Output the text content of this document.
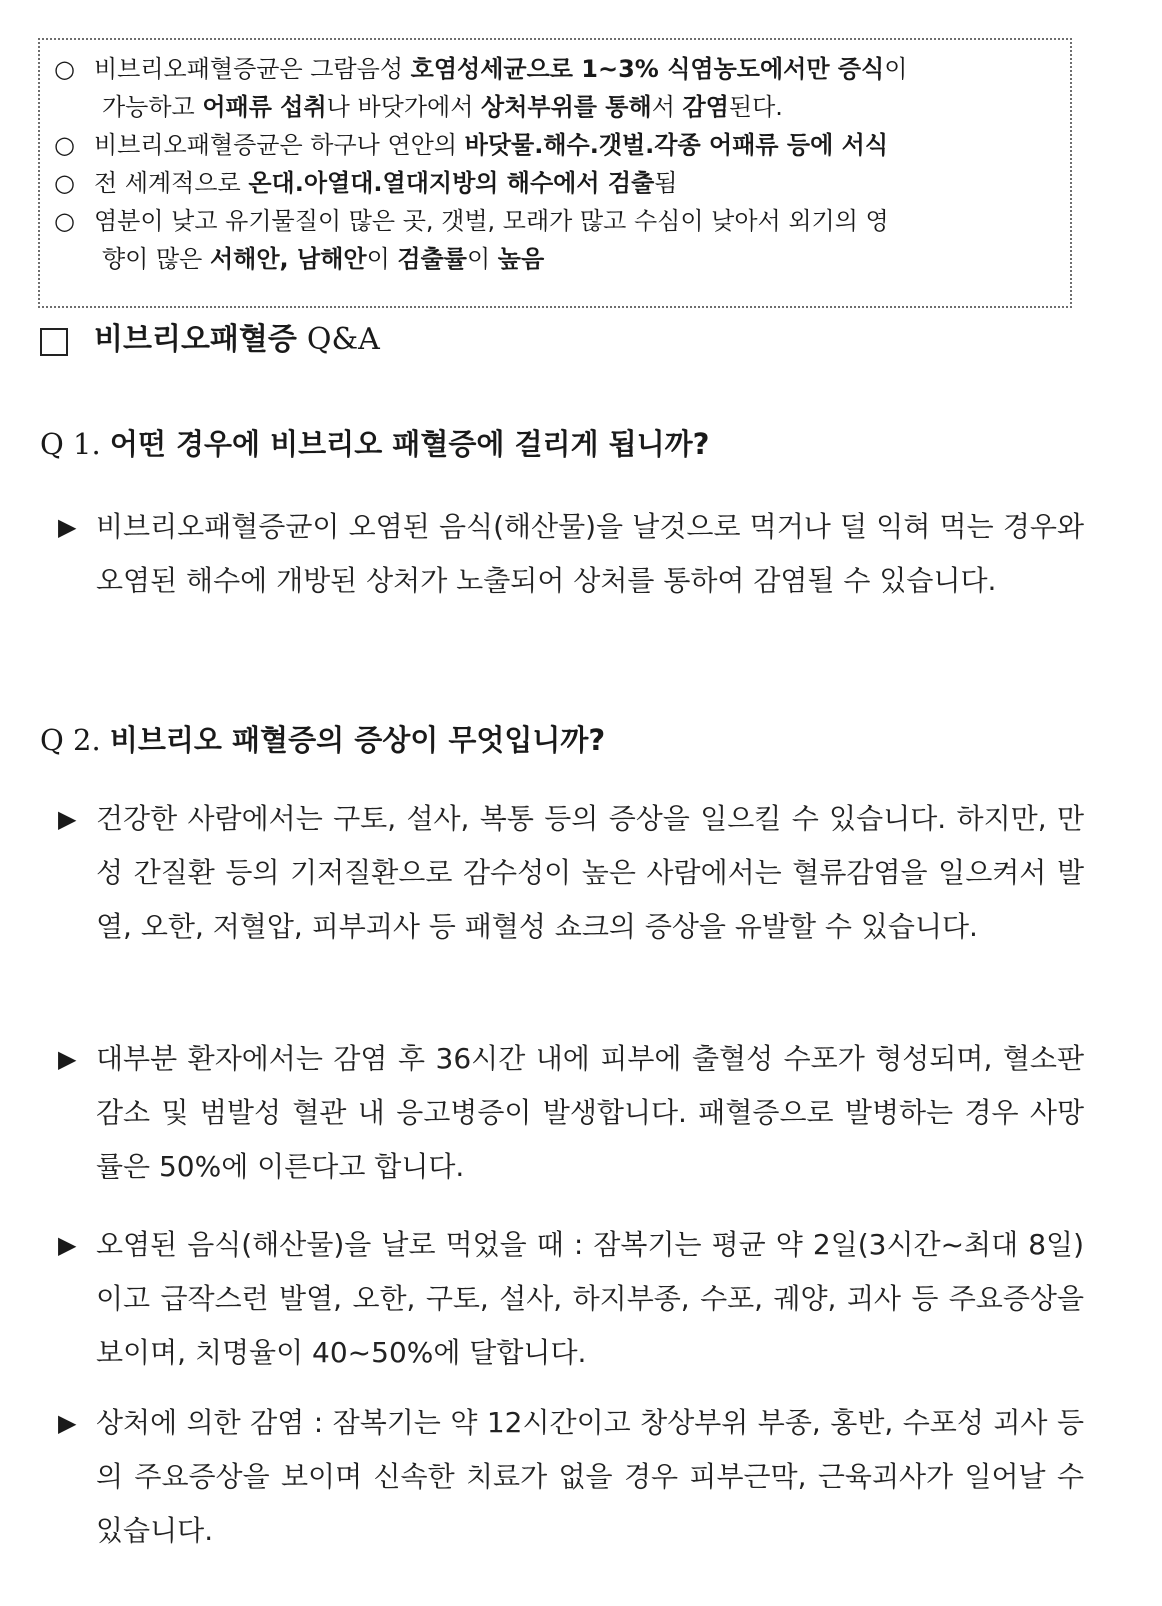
○ 비브리오패혈증균은 그람음성 호염성세균으로 1~3% 식염농도에서만 증식이
가능하고 어패류 섭취나 바닷가에서 상처부위를 통해서 감염된다.
○ 비브리오패혈증균은 하구나 연안의 바닷물.해수.갯벌.각종 어패류 등에 서식
○ 전 세계적으로 온대.아열대.열대지방의 해수에서 검출됨
○ 염분이 낮고 유기물질이 많은 곳, 갯벌, 모래가 많고 수심이 낮아서 외기의 영
향이 많은 서해안, 남해안이 검출률이 높음
비브리오패혈증 Q&A
Q 1. 어떤 경우에 비브리오 패혈증에 걸리게 됩니까?
▶ 비브리오패혈증균이 오염된 음식(해산물)을 날것으로 먹거나 덜 익혀 먹는 경우와 오염된 해수에 개방된 상처가 노출되어 상처를 통하여 감염될 수 있습니다.
Q 2. 비브리오 패혈증의 증상이 무엇입니까?
▶ 건강한 사람에서는 구토, 설사, 복통 등의 증상을 일으킬 수 있습니다. 하지만, 만성 간질환 등의 기저질환으로 감수성이 높은 사람에서는 혈류감염을 일으켜서 발열, 오한, 저혈압, 피부괴사 등 패혈성 쇼크의 증상을 유발할 수 있습니다.
▶ 대부분 환자에서는 감염 후 36시간 내에 피부에 출혈성 수포가 형성되며, 혈소판 감소 및 범발성 혈관 내 응고병증이 발생합니다. 패혈증으로 발병하는 경우 사망률은 50%에 이른다고 합니다.
▶ 오염된 음식(해산물)을 날로 먹었을 때 : 잠복기는 평균 약 2일(3시간~최대 8일)이고 급작스런 발열, 오한, 구토, 설사, 하지부종, 수포, 궤양, 괴사 등 주요증상을 보이며, 치명율이 40~50%에 달합니다.
▶ 상처에 의한 감염 : 잠복기는 약 12시간이고 창상부위 부종, 홍반, 수포성 괴사 등의 주요증상을 보이며 신속한 치료가 없을 경우 피부근막, 근육괴사가 일어날 수 있습니다.
